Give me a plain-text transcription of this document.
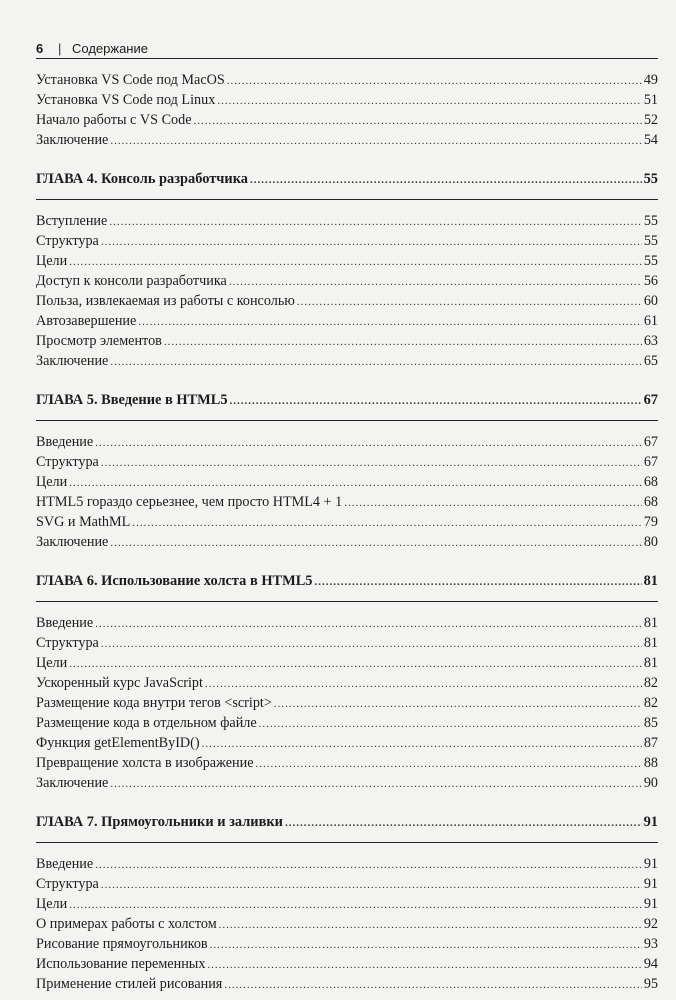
6	| Содержание
Установка VS Code под MacOS .....	49
Установка VS Code под Linux .....	51
Начало работы с VS Code .....	52
Заключение .....	54
ГЛАВА 4. Консоль разработчика .....	55
Вступление .....	55
Структура .....	55
Цели .....	55
Доступ к консоли разработчика .....	56
Польза, извлекаемая из работы с консолью .....	60
Автозавершение .....	61
Просмотр элементов .....	63
Заключение .....	65
ГЛАВА 5. Введение в HTML5 .....	67
Введение .....	67
Структура .....	67
Цели .....	68
HTML5 гораздо серьезнее, чем просто HTML4 + 1 .....	68
SVG и MathML .....	79
Заключение .....	80
ГЛАВА 6. Использование холста в HTML5 .....	81
Введение .....	81
Структура .....	81
Цели .....	81
Ускоренный курс JavaScript .....	82
Размещение кода внутри тегов <script> .....	82
Размещение кода в отдельном файле .....	85
Функция getElementByID() .....	87
Превращение холста в изображение .....	88
Заключение .....	90
ГЛАВА 7. Прямоугольники и заливки .....	91
Введение .....	91
Структура .....	91
Цели .....	91
О примерах работы с холстом .....	92
Рисование прямоугольников .....	93
Использование переменных .....	94
Применение стилей рисования .....	95
